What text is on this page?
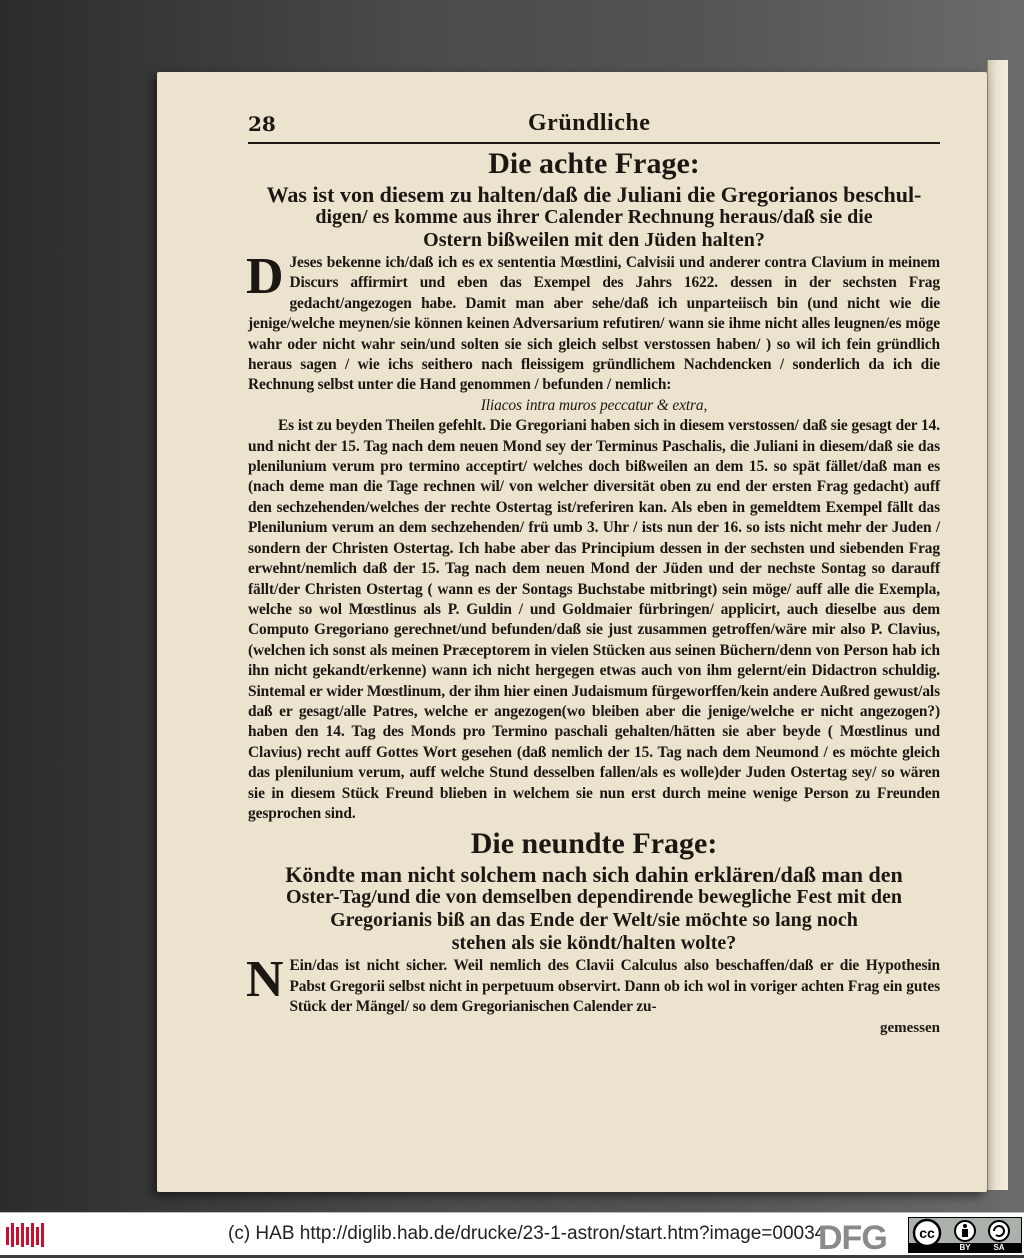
28	Gründliche
Die achte Frage:
Was ist von diesem zu halten/daß die Juliani die Gregorianos beschul-
digen/ es komme aus ihrer Calender Rechnung heraus/daß sie die
Ostern bißweilen mit den Jüden halten?

D Jeses bekenne ich/daß ich es ex sententia Mœstlini, Calvisii und anderer contra Clavium in meinem Discurs affirmirt und eben das Exempel des Jahrs 1622. dessen in der sechsten Frag gedacht/angezogen habe. Damit man aber sehe/daß ich unparteiisch bin (und nicht wie die jenige/welche meynen/sie können keinen Adversarium refutiren/ wann sie ihme nicht alles leugnen/es möge wahr oder nicht wahr sein/und solten sie sich gleich selbst verstossen haben/ ) so wil ich fein gründlich heraus sagen / wie ichs seithero nach fleissigem gründlichem Nachdencken / sonderlich da ich die Rechnung selbst unter die Hand genommen / befunden / nemlich:

Iliacos intra muros peccatur & extra,

Es ist zu beyden Theilen gefehlt. Die Gregoriani haben sich in diesem verstossen/ daß sie gesagt der 14. und nicht der 15. Tag nach dem neuen Mond sey der Terminus Paschalis, die Juliani in diesem/daß sie das plenilunium verum pro termino acceptirt/ welches doch bißweilen an dem 15. so spät fället/daß man es (nach deme man die Tage rechnen wil/ von welcher diversität oben zu end der ersten Frag gedacht) auff den sechzehenden/welches der rechte Ostertag ist/referiren kan. Als eben in gemeldtem Exempel fällt das Plenilunium verum an dem sechzehenden/ frü umb 3. Uhr / ists nun der 16. so ists nicht mehr der Juden / sondern der Christen Ostertag. Ich habe aber das Principium dessen in der sechsten und siebenden Frag erwehnt/nemlich daß der 15. Tag nach dem neuen Mond der Jüden und der nechste Sontag so darauff fällt/der Christen Ostertag ( wann es der Sontags Buchstabe mitbringt) sein möge/ auff alle die Exempla, welche so wol Mœstlinus als P. Guldin / und Goldmaier fürbringen/ applicirt, auch dieselbe aus dem Computo Gregoriano gerechnet/und befunden/daß sie just zusammen getroffen/wäre mir also P. Clavius,(welchen ich sonst als meinen Præceptorem in vielen Stücken aus seinen Büchern/denn von Person hab ich ihn nicht gekandt/erkenne) wann ich nicht hergegen etwas auch von ihm gelernt/ein Didactron schuldig. Sintemal er wider Mœstlinum, der ihm hier einen Judaismum fürgeworffen/kein andere Außred gewust/als daß er gesagt/alle Patres, welche er angezogen(wo bleiben aber die jenige/welche er nicht angezogen?) haben den 14. Tag des Monds pro Termino paschali gehalten/hätten sie aber beyde ( Mœstlinus und Clavius) recht auff Gottes Wort gesehen (daß nemlich der 15. Tag nach dem Neumond / es möchte gleich das plenilunium verum, auff welche Stund desselben fallen/als es wolle)der Juden Ostertag sey/ so wären sie in diesem Stück Freund blieben in welchem sie nun erst durch meine wenige Person zu Freunden gesprochen sind.

Die neundte Frage:
Köndte man nicht solchem nach sich dahin erklären/daß man den
Oster-Tag/und die von demselben dependirende bewegliche Fest mit den
Gregorianis biß an das Ende der Welt/sie möchte so lang noch
stehen als sie köndt/halten wolte?

N Ein/das ist nicht sicher. Weil nemlich des Clavii Calculus also beschaffen/daß er die Hypothesin Pabst Gregorii selbst nicht in perpetuum observirt. Dann ob ich wol in voriger achten Frag ein gutes Stück der Mängel/ so dem Gregorianischen Calender zu-

gemessen
(c) HAB http://diglib.hab.de/drucke/23-1-astron/start.htm?image=00034
DFG cc
BY	SA
